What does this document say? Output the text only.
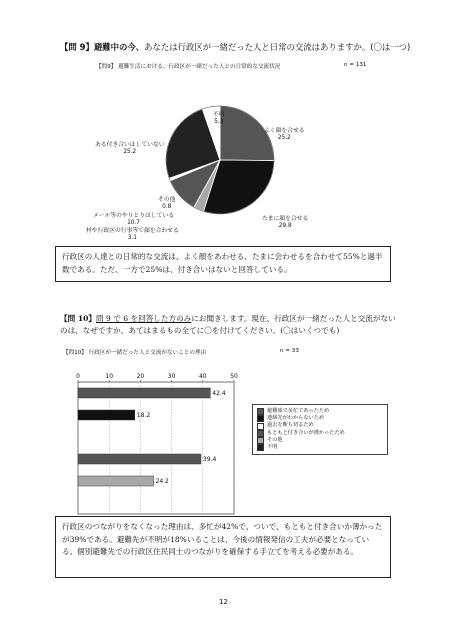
【問 9】避難中の今、あなたは行政区が一緒だった人と日常の交流はありますか。(〇は一つ)
【問9】 避難生活における、行政区が一緒だった人との日常的な交流状況	n = 131
不明
5.3
よく顔を合せる
25.2
たまに顔を合せる
29.8
ある付き合いはしていない
25.2
その他
0.8
メール等のやりとりはしている
10.7
村や行政区の行事等で顔を合わせる
3.1
行政区の人達との日常的な交流は、よく顔をあわせる、たまに会わせるを合わせて55%と過半数である。ただ、一方で25%は、付き合いはないと回答している。
【問 10】問 9 で 6 を回答した方のみにお聞きします。現在、行政区が一緒だった人と交流がない
のは、なぜですか。あてはまるもの全てに〇を付けてください。(〇はいくつでも)
【問10】 行政区が一緒だった人と交流がないことの理由	n = 33
0	10	20	30	40	50
42.4
18.2
39.4
24.2
避難後で多忙であったため
連絡先がわからないため
過去を断ち切るため
もともと付き合いが薄かったため
その他
不明
行政区のつながりをなくなった理由は、多忙が42%で、ついで、もともと付き合いか薄かったが39%である。避難先が不明が18%いることは、今後の情報発信の工夫が必要となっている。個別避難先での行政区住民同士のつながりを確保する手立てを考える必要がある。
12
